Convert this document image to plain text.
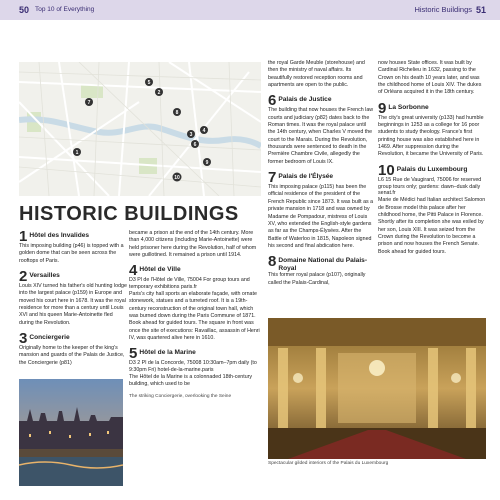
50 Top 10 of Everything	Historic Buildings 51
1
2
3
4
5
6
7
8
9
10
HISTORIC BUILDINGS
1 Hôtel des Invalides
This imposing building (p46) is topped with a golden dome that can be seen across the rooftops of Paris.
2 Versailles
Louis XIV turned his father's old hunting lodge into the largest palace (p159) in Europe and moved his court here in 1678. It was the royal residence for more than a century until Louis XVI and his queen Marie-Antoinette fled during the Revolution.
3 Conciergerie
Originally home to the keeper of the king's mansion and guards of the Palais de Justice, the Conciergerie (p81)
became a prison at the end of the 14th century. More than 4,000 citizens (including Marie-Antoinette) were held prisoner here during the Revolution, half of whom were guillotined. It remained a prison until 1914.
4 Hôtel de Ville
D3 Pl de l'Hôtel de Ville, 75004 For group tours and temporary exhibitions paris.fr
Paris's city hall sports an elaborate façade, with ornate stonework, statues and a turreted roof. It is a 19th-century reconstruction of the original town hall, which was burned down during the Paris Commune of 1871. Book ahead for guided tours. The square in front was once the site of executions: Ravaillac, assassin of Henri IV, was quartered alive here in 1610.
5 Hôtel de la Marine
D3 2 Pl de la Concorde, 75008 10:30am–7pm daily (to 9:30pm Fri) hotel-de-la-marine.paris
The Hôtel de la Marine is a colonnaded 18th-century building, which used to be
The striking Conciergerie, overlooking the Seine
the royal Garde Meuble (storehouse) and then the ministry of naval affairs. Its beautifully restored reception rooms and apartments are open to the public.
6 Palais de Justice
The building that now houses the French law courts and judiciary (p82) dates back to the Roman times. It was the royal palace until the 14th century, when Charles V moved the court to the Marais. During the Revolution, thousands were sentenced to death in the Première Chambre Civile, allegedly the former bedroom of Louis IX.
7 Palais de l'Élysée
This imposing palace (p115) has been the official residence of the president of the French Republic since 1873. It was built as a private mansion in 1718 and was owned by Madame de Pompadour, mistress of Louis XV, who extended the English-style gardens as far as the Champs-Élysées. After the Battle of Waterloo in 1815, Napoleon signed his second and final abdication here.
8 Domaine National du Palais-Royal
This former royal palace (p107), originally called the Palais-Cardinal,
now houses State offices. It was built by Cardinal Richelieu in 1632, passing to the Crown on his death 10 years later, and was the childhood home of Louis XIV. The dukes of Orléans acquired it in the 18th century.
9 La Sorbonne
The city's great university (p133) had humble beginnings in 1253 as a college for 16 poor students to study theology. France's first printing house was also established here in 1469. After suppression during the Revolution, it became the University of Paris.
10 Palais du Luxembourg
L6 15 Rue de Vaugirard, 75006 for reserved group tours only; gardens: dawn–dusk daily senat.fr
Marie de Médici had Italian architect Salomon de Brosse model this palace after her childhood home, the Pitti Palace in Florence. Shortly after its completion she was exiled by her son, Louis XIII. It was seized from the Crown during the Revolution to become a prison and now houses the French Senate. Book ahead for guided tours.
Spectacular gilded interiors of the Palais du Luxembourg
